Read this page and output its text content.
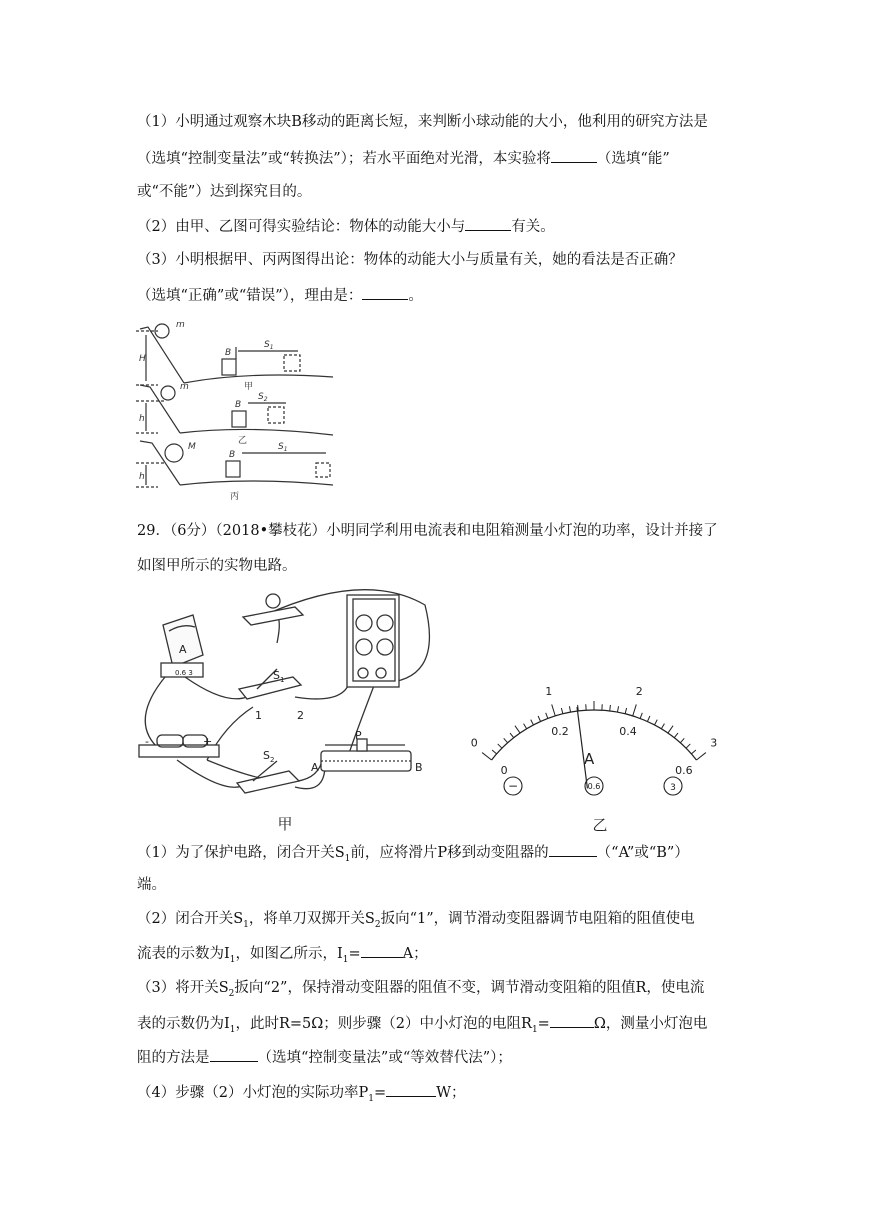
（1）小明通过观察木块B移动的距离长短，来判断小球动能的大小，他利用的研究方法是
（选填“控制变量法”或“转换法”）；若水平面绝对光滑，本实验将	（选填“能”
或“不能”）达到探究目的。
（2）由甲、乙图可得实验结论：物体的动能大小与	有关。
（3）小明根据甲、丙两图得出论：物体的动能大小与质量有关，她的看法是否正确？
（选填“正确”或“错误”），理由是：	。
m
H
B
$S_1$
甲
m
h
B
$S_2$
乙
M
h
B
$S_1$
丙
29．（6分）（2018•攀枝花）小明同学利用电流表和电阻箱测量小灯泡的功率，设计并接了
如图甲所示的实物电路。
A
0.6 3	$S_1$
1	2
-	+
$S_2$
P
A	B
甲
0
1	2
3
0
0.2	0.4
0.6
A
−	0.6	3
乙
（1）为了保护电路，闭合开关$S_1$前，应将滑片P移到动变阻器的	（“A”或“B”）
端。
（2）闭合开关$S_1$，将单刀双掷开关$S_2$扳向“1”，调节滑动变阻器调节电阻箱的阻值使电
流表的示数为$I_1$，如图乙所示，$I_1=$	A；
（3）将开关$S_2$扳向“2”，保持滑动变阻器的阻值不变，调节滑动变阻箱的阻值R，使电流
表的示数仍为$I_1$，此时R=5Ω；则步骤（2）中小灯泡的电阻$R_1=$	Ω，测量小灯泡电
阻的方法是	（选填“控制变量法”或“等效替代法”）；
（4）步骤（2）小灯泡的实际功率$P_1=$	W；
